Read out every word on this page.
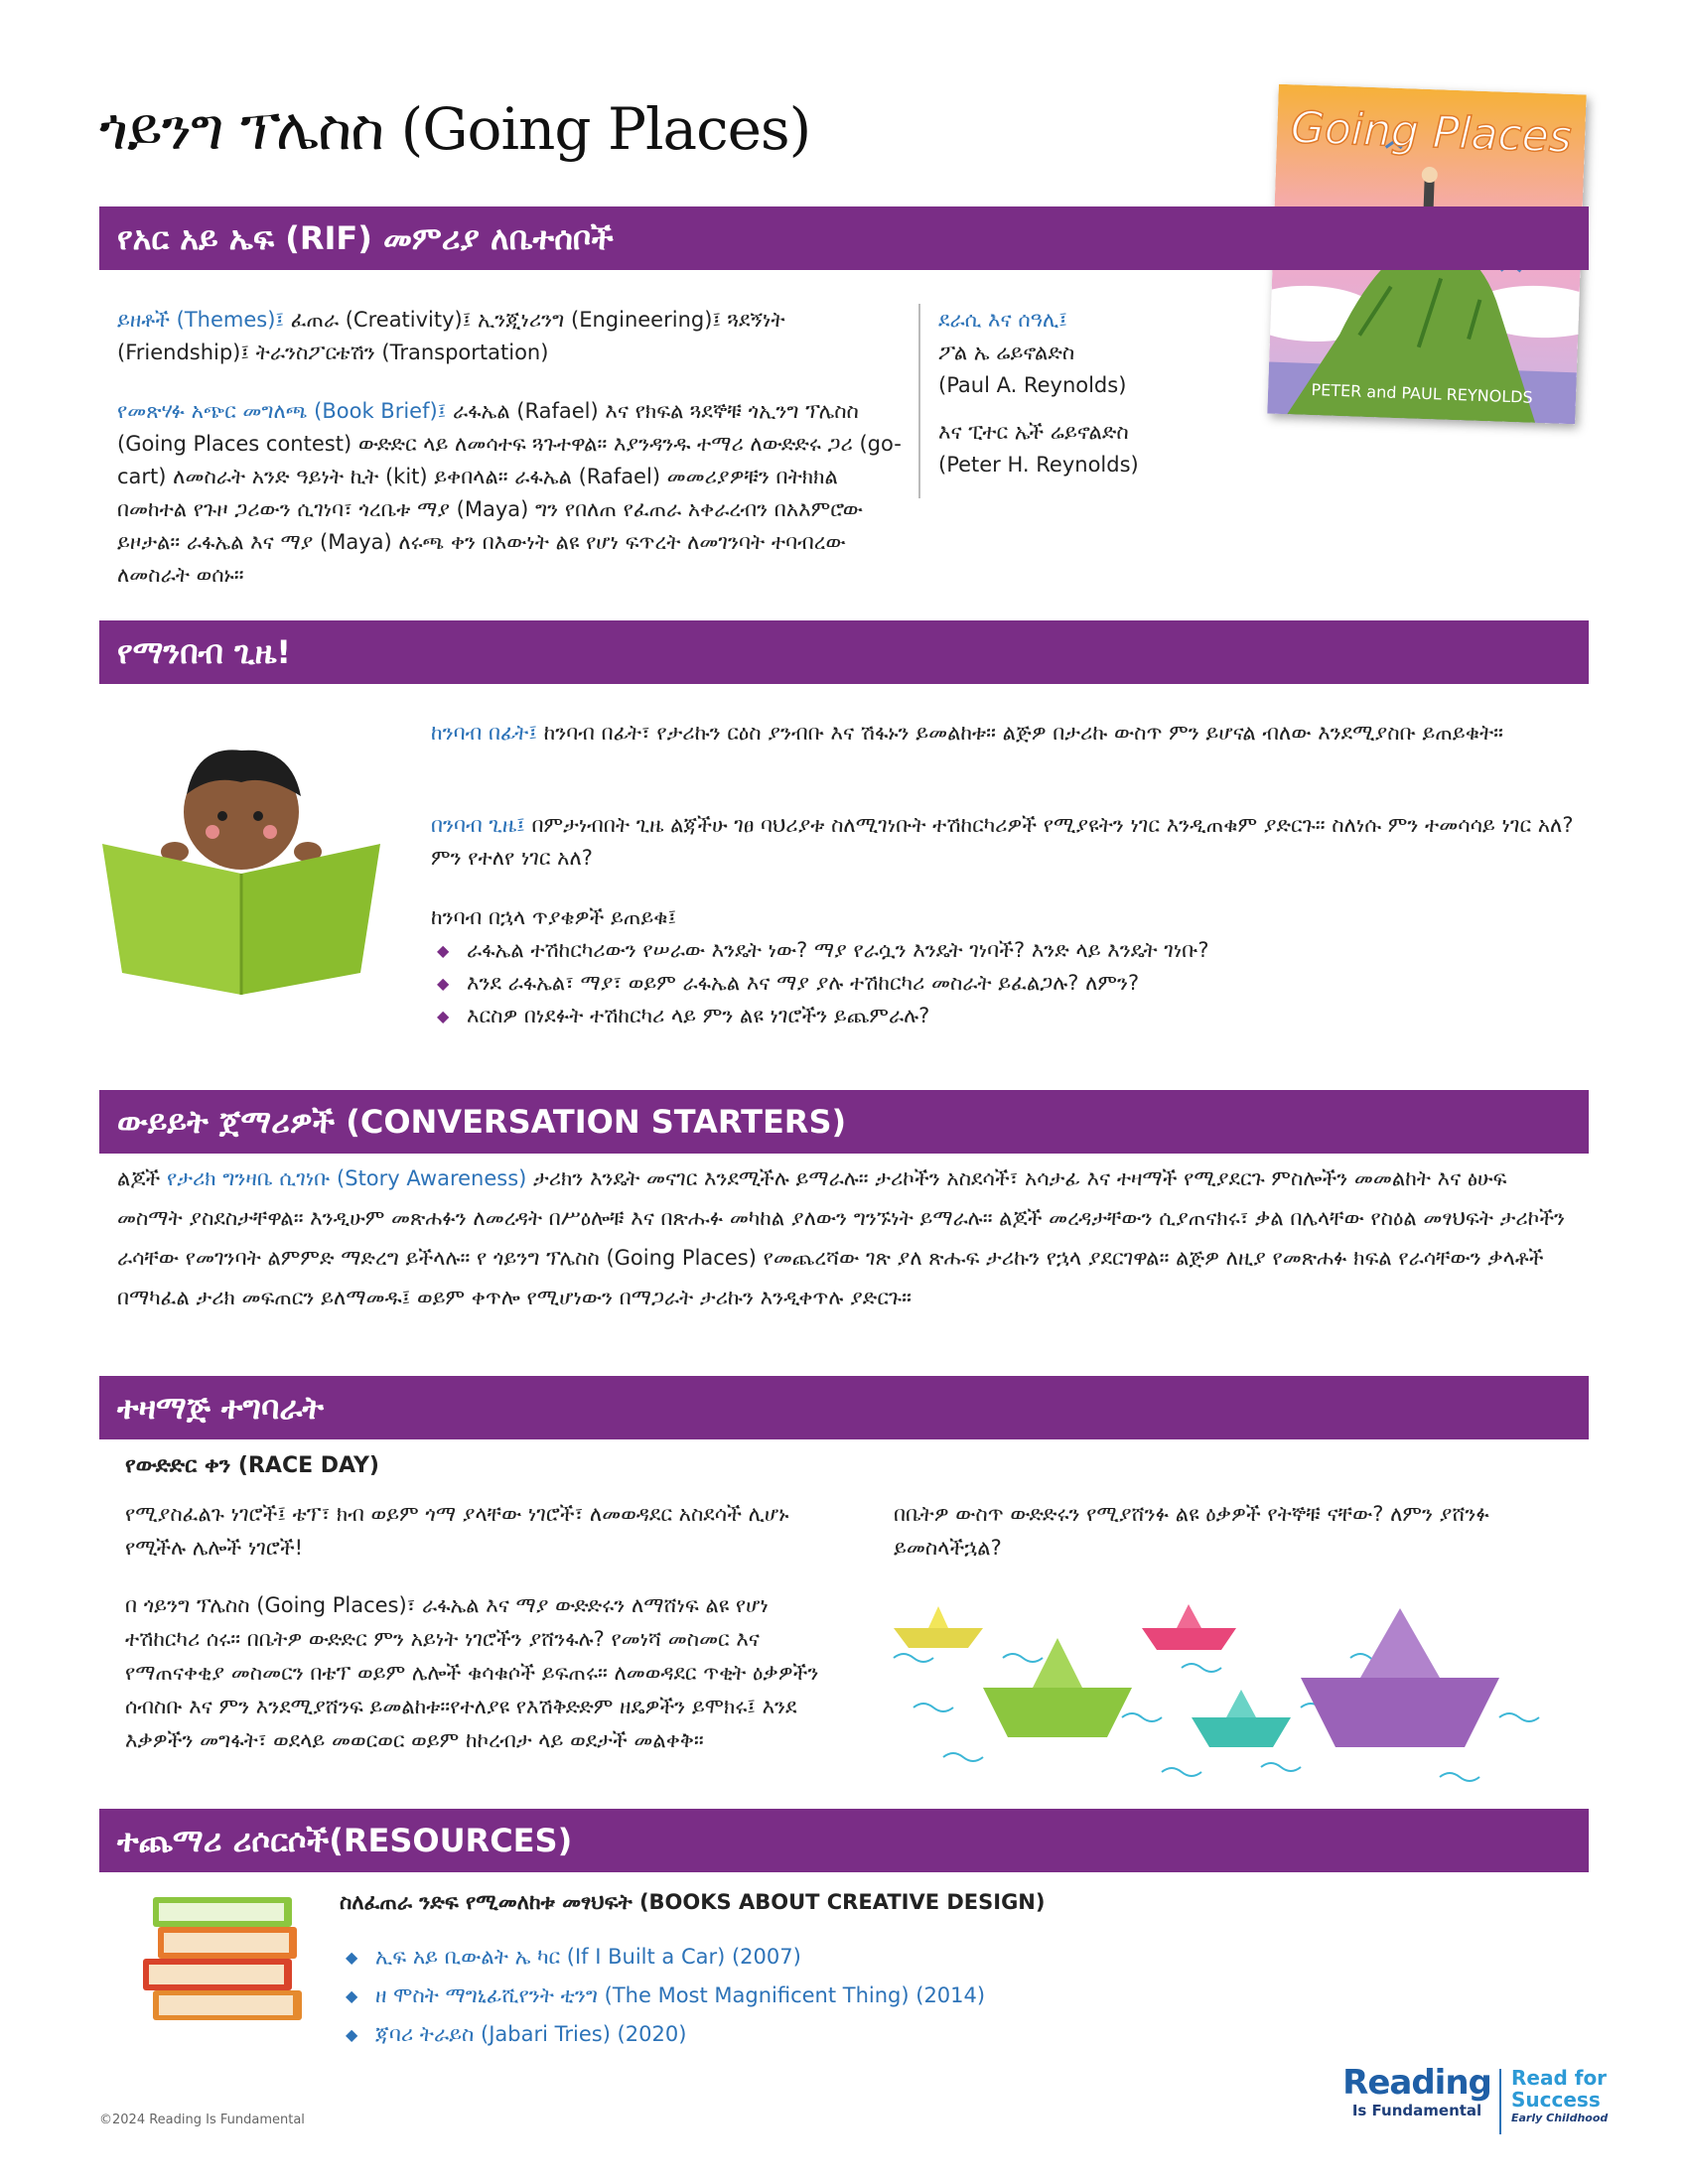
ጎይንግ ፕሌስስ (Going Places)	Going Places
PETER and PAUL REYNOLDS
የአር አይ ኤፍ (RIF) መምሪያ ለቤተሰቦች
ይዘቶች (Themes)፤ ፈጠራ (Creativity)፤ ኢንጂነሪንግ (Engineering)፤ ጓደኝነት (Friendship)፤ ትራንስፖርቴሽን (Transportation)
የመጽሃፉ አጭር መግለጫ (Book Brief)፤ ራፋኤል (Rafael) እና የክፍል ጓደኞቹ ጎኢንግ ፕሌስስ (Going Places contest) ውድድር ላይ ለመሳተፍ ጓጉተዋል። እያንዳንዱ ተማሪ ለውድድሩ ጋሪ (go-cart) ለመስራት አንድ ዓይነት ኪት (kit) ይቀበላል። ራፋኤል (Rafael) መመሪያዎቹን በትክክል በመከተል የጉዞ ጋሪውን ሲገነባ፣ ጎረቤቱ ማያ (Maya) ግን የበለጠ የፈጠራ አቀራረብን በአእምሮው ይዞታል። ራፋኤል እና ማያ (Maya) ለሩጫ ቀን በእውነት ልዩ የሆነ ፍጥረት ለመገንባት ተባብረው ለመስራት ወሰኑ።
ደራሲ እና ሰዓሊ፤
ፖል ኤ ሬይኖልድስ
(Paul A. Reynolds)
እና ፒተር ኤች ሬይኖልድስ
(Peter H. Reynolds)
የማንበብ ጊዜ!
ከንባብ በፊት፤ ከንባብ በፊት፣ የታሪኩን ርዕስ ያንብቡ እና ሽፋኑን ይመልከቱ። ልጅዎ በታሪኩ ውስጥ ምን ይሆናል ብለው እንደሚያስቡ ይጠይቁት።
በንባብ ጊዜ፤ በምታነብበት ጊዜ ልጃችሁ ገፀ ባህሪያቱ ስለሚገነቡት ተሽከርካሪዎች የሚያዩትን ነገር እንዲጠቁም ያድርጉ። ስለነሱ ምን ተመሳሳይ ነገር አለ? ምን የተለየ ነገር አለ?
ከንባብ በኋላ ጥያቄዎች ይጠይቁ፤
◆ ራፋኤል ተሽከርካሪውን የሠራው እንዴት ነው? ማያ የራሷን እንዴት ገነባች? እንድ ላይ እንዴት ገነቡ?
◆ እንደ ራፋኤል፣ ማያ፣ ወይም ራፋኤል እና ማያ ያሉ ተሽከርካሪ መስራት ይፈልጋሉ? ለምን?
◆ እርስዎ በነደፉት ተሽከርካሪ ላይ ምን ልዩ ነገሮችን ይጨምራሉ?
ውይይት ጀማሪዎች (CONVERSATION STARTERS)
ልጆች የታሪክ ግንዛቤ ሲገነቡ (Story Awareness) ታሪክን እንዴት መናገር እንደሚችሉ ይማራሉ። ታሪኮችን አስደሳች፣ አሳታፊ እና ተዛማች የሚያደርጉ ምስሎችን መመልከት እና ፅሁፍ መስማት ያስደስታቸዋል። እንዲሁም መጽሐፉን ለመረዳት በሥዕሎቹ እና በጽሑፉ መካከል ያለውን ግንኙነት ይማራሉ። ልጆች መረዳታቸውን ሲያጠናክሩ፣ ቃል በሌላቸው የስዕል መፃህፍት ታሪኮችን ራሳቸው የመገንባት ልምምድ ማድረግ ይችላሉ። የ ጎይንግ ፕሌስስ (Going Places) የመጨረሻው ገጽ ያለ ጽሑፍ ታሪኩን የኋላ ያደርገዋል። ልጅዎ ለዚያ የመጽሐፉ ክፍል የራሳቸውን ቃላቶች በማካፈል ታሪክ መፍጠርን ይለማመዱ፤ ወይም ቀጥሎ የሚሆነውን በማጋራት ታሪኩን እንዲቀጥሉ ያድርጉ።
ተዛማጅ ተግባራት
የውድድር ቀን (RACE DAY)
የሚያስፈልጉ ነገሮች፤ ቴፕ፣ ክብ ወይም ጎማ ያላቸው ነገሮች፣ ለመወዳደር አስደሳች ሊሆኑ የሚችሉ ሌሎች ነገሮች!
በ ጎይንግ ፕሌስስ (Going Places)፣ ራፋኤል እና ማያ ውድድሩን ለማሸነፍ ልዩ የሆነ ተሽከርካሪ ሰሩ። በቤትዎ ውድድር ምን አይነት ነገሮችን ያሸንፋሉ? የመነሻ መስመር እና የማጠናቀቂያ መስመርን በቴፕ ወይም ሌሎች ቁሳቁሶች ይፍጠሩ። ለመወዳደር ጥቂት ዕቃዎችን ሰብስቡ እና ምን እንደሚያሸንፍ ይመልከቱ።የተለያዩ የእሽቅድድም ዘዴዎችን ይሞክሩ፤ እንደ እቃዎችን መግፋት፣ ወደላይ መወርወር ወይም ከኮረብታ ላይ ወደታች መልቀቅ።
በቤትዎ ውስጥ ውድድሩን የሚያሸንፉ ልዩ ዕቃዎች የትኞቹ ናቸው? ለምን ያሸንፉ ይመስላችኋል?
ተጨማሪ ሪሶርሶች(RESOURCES)
ስለፈጠራ ንድፍ የሚመለከቱ መፃህፍት (BOOKS ABOUT CREATIVE DESIGN)
◆ ኢፍ አይ ቢውልት ኤ ካር (If I Built a Car) (2007)
◆ ዘ ሞስት ማግኒፊሺየንት ቲንግ (The Most Magnificent Thing) (2014)
◆ ጃባሪ ትራይስ (Jabari Tries) (2020)
©2024 Reading Is Fundamental
Reading
Is Fundamental
Read for
Success
Early Childhood
